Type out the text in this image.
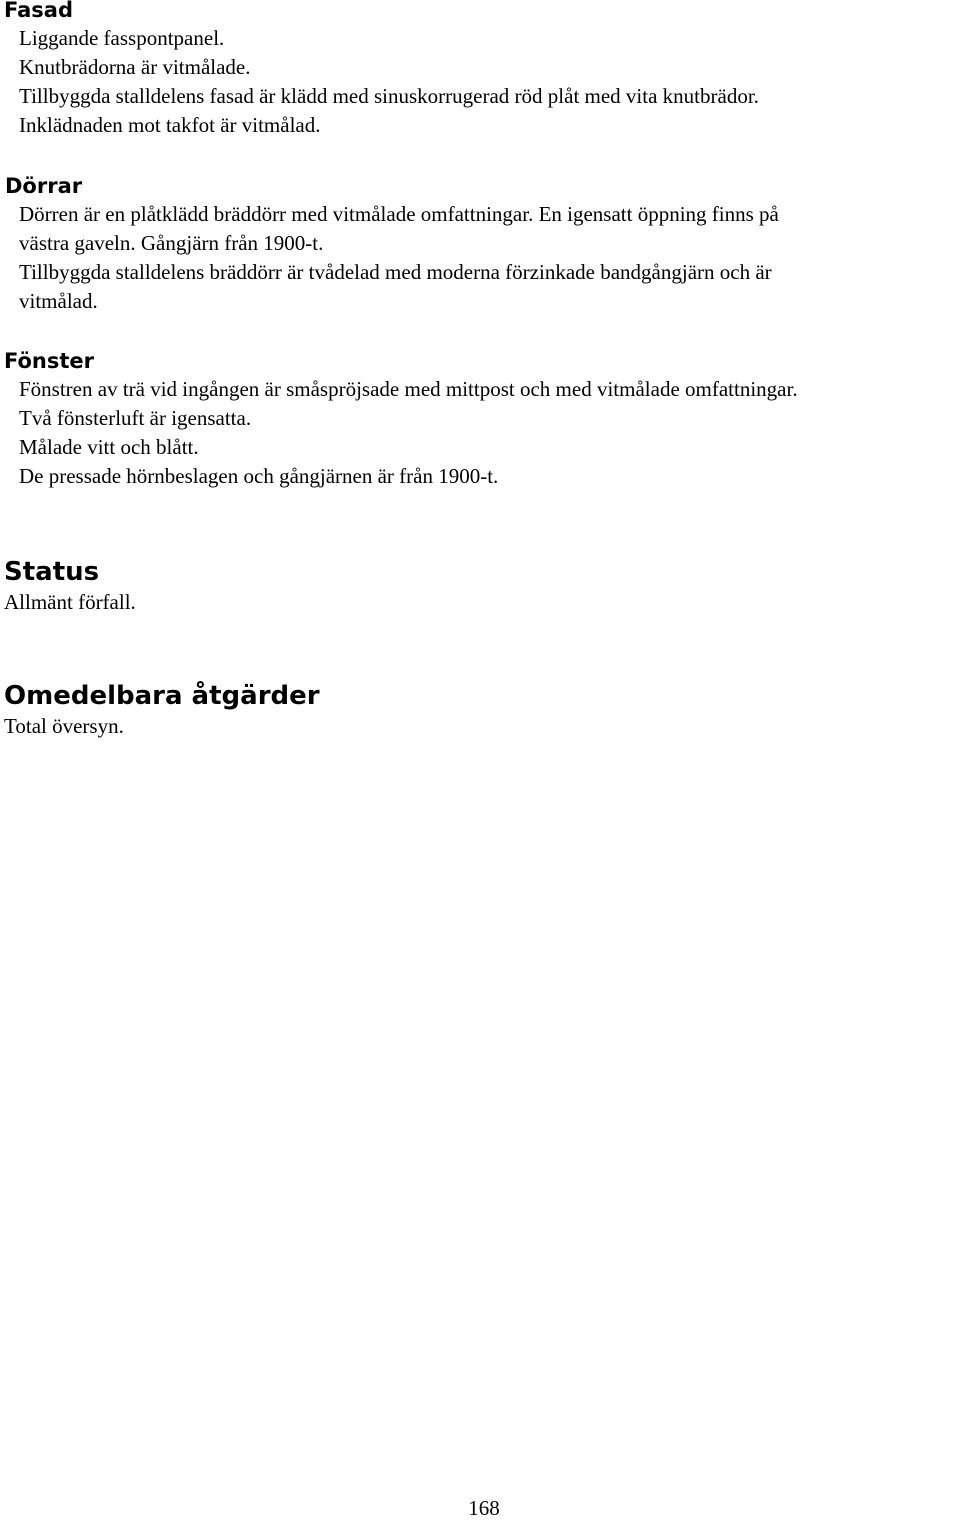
Fasad
Liggande fasspontpanel.
Knutbrädorna är vitmålade.
Tillbyggda stalldelens fasad är klädd med sinuskorrugerad röd plåt med vita knutbrädor.
Inklädnaden mot takfot är vitmålad.
Dörrar
Dörren är en plåtklädd bräddörr med vitmålade omfattningar. En igensatt öppning finns på
västra gaveln. Gångjärn från 1900-t.
Tillbyggda stalldelens bräddörr är tvådelad med moderna förzinkade bandgångjärn och är
vitmålad.
Fönster
Fönstren av trä vid ingången är småspröjsade med mittpost och med vitmålade omfattningar.
Två fönsterluft är igensatta.
Målade vitt och blått.
De pressade hörnbeslagen och gångjärnen är från 1900-t.
Status
Allmänt förfall.
Omedelbara åtgärder
Total översyn.
168
